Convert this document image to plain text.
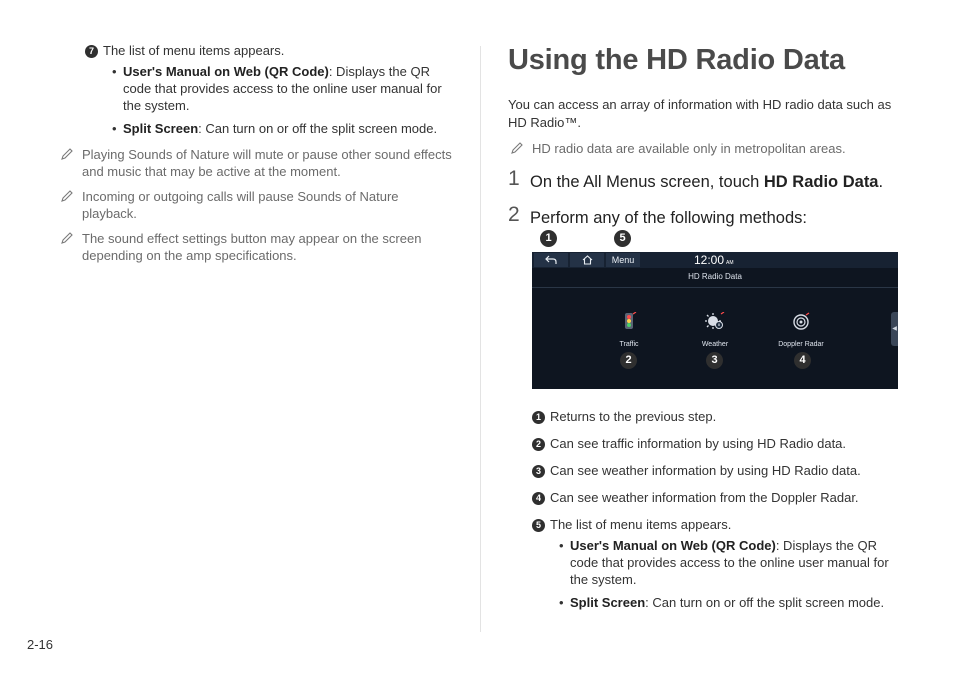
7 The list of menu items appears.
• User's Manual on Web (QR Code): Displays the QR code that provides access to the online user manual for the system.
• Split Screen: Can turn on or off the split screen mode.
Playing Sounds of Nature will mute or pause other sound effects and music that may be active at the moment.
Incoming or outgoing calls will pause Sounds of Nature playback.
The sound effect settings button may appear on the screen depending on the amp specifications.
Using the HD Radio Data

You can access an array of information with HD radio data such as HD Radio™.

HD radio data are available only in metropolitan areas.
1 On the All Menus screen, touch HD Radio Data.
2 Perform any of the following methods:
1	5
Menu	12:00 AM
HD Radio Data
Traffic	Weather	Doppler Radar
◀
2	3	4
1 Returns to the previous step.
2 Can see traffic information by using HD Radio data.
3 Can see weather information by using HD Radio data.
4 Can see weather information from the Doppler Radar.
5 The list of menu items appears.
• User's Manual on Web (QR Code): Displays the QR code that provides access to the online user manual for the system.
• Split Screen: Can turn on or off the split screen mode.
2-16
